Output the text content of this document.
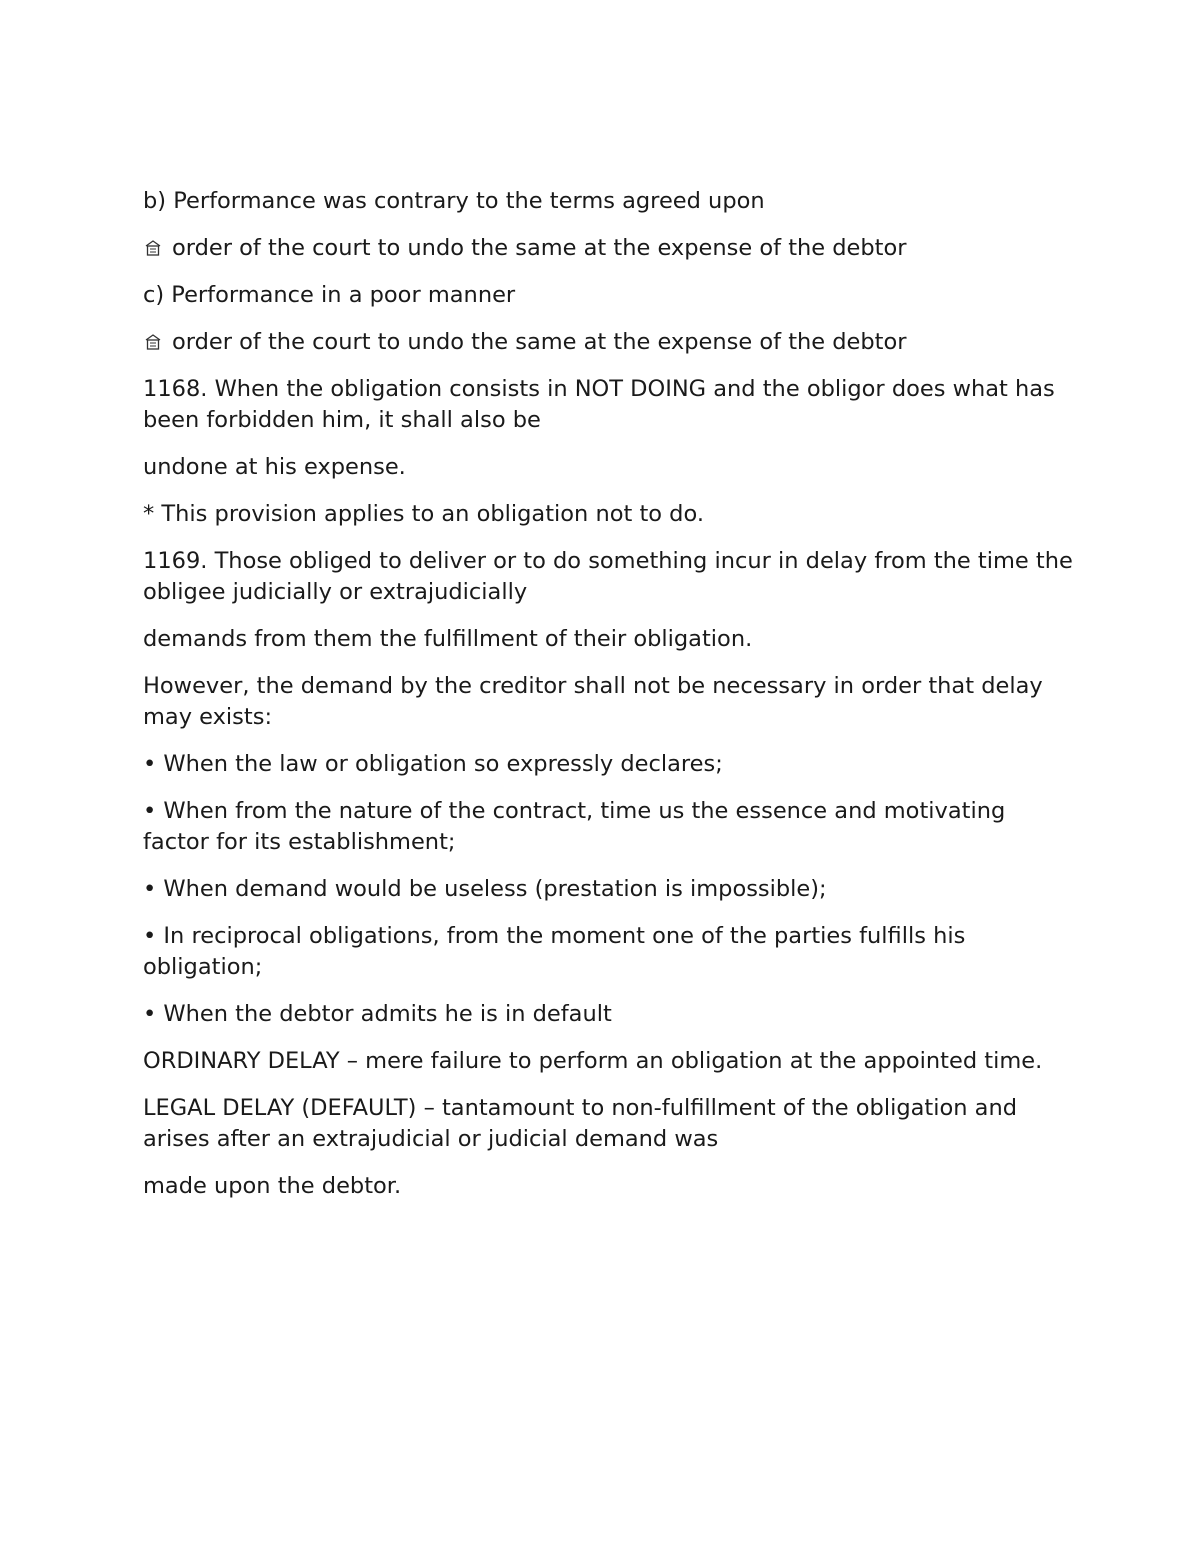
b) Performance was contrary to the terms agreed upon

order of the court to undo the same at the expense of the debtor

c) Performance in a poor manner

order of the court to undo the same at the expense of the debtor

1168. When the obligation consists in NOT DOING and the obligor does what has been forbidden him, it shall also be

undone at his expense.

* This provision applies to an obligation not to do.

1169. Those obliged to deliver or to do something incur in delay from the time the obligee judicially or extrajudicially

demands from them the fulfillment of their obligation.

However, the demand by the creditor shall not be necessary in order that delay may exists:

• When the law or obligation so expressly declares;

• When from the nature of the contract, time us the essence and motivating factor for its establishment;

• When demand would be useless (prestation is impossible);

• In reciprocal obligations, from the moment one of the parties fulfills his obligation;

• When the debtor admits he is in default

ORDINARY DELAY – mere failure to perform an obligation at the appointed time.

LEGAL DELAY (DEFAULT) – tantamount to non-fulfillment of the obligation and arises after an extrajudicial or judicial demand was

made upon the debtor.
